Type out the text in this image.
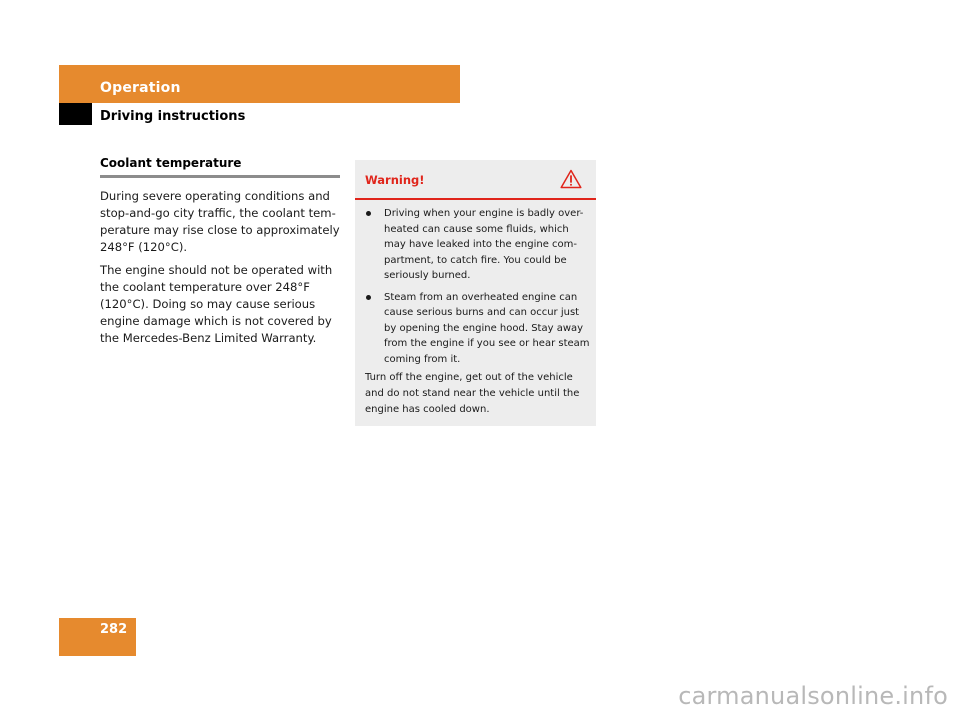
Operation
Driving instructions
Coolant temperature

During severe operating conditions and stop-and-go city traffic, the coolant tem-perature may rise close to approximately 248°F (120°C).

The engine should not be operated with the coolant temperature over 248°F (120°C). Doing so may cause serious engine damage which is not covered by the Mercedes-Benz Limited Warranty.

Warning!
Driving when your engine is badly over-heated can cause some fluids, which may have leaked into the engine com-partment, to catch fire. You could be seriously burned.
Steam from an overheated engine can cause serious burns and can occur just by opening the engine hood. Stay away from the engine if you see or hear steam coming from it.

Turn off the engine, get out of the vehicle and do not stand near the vehicle until the engine has cooled down.

282
carmanualsonline.info
